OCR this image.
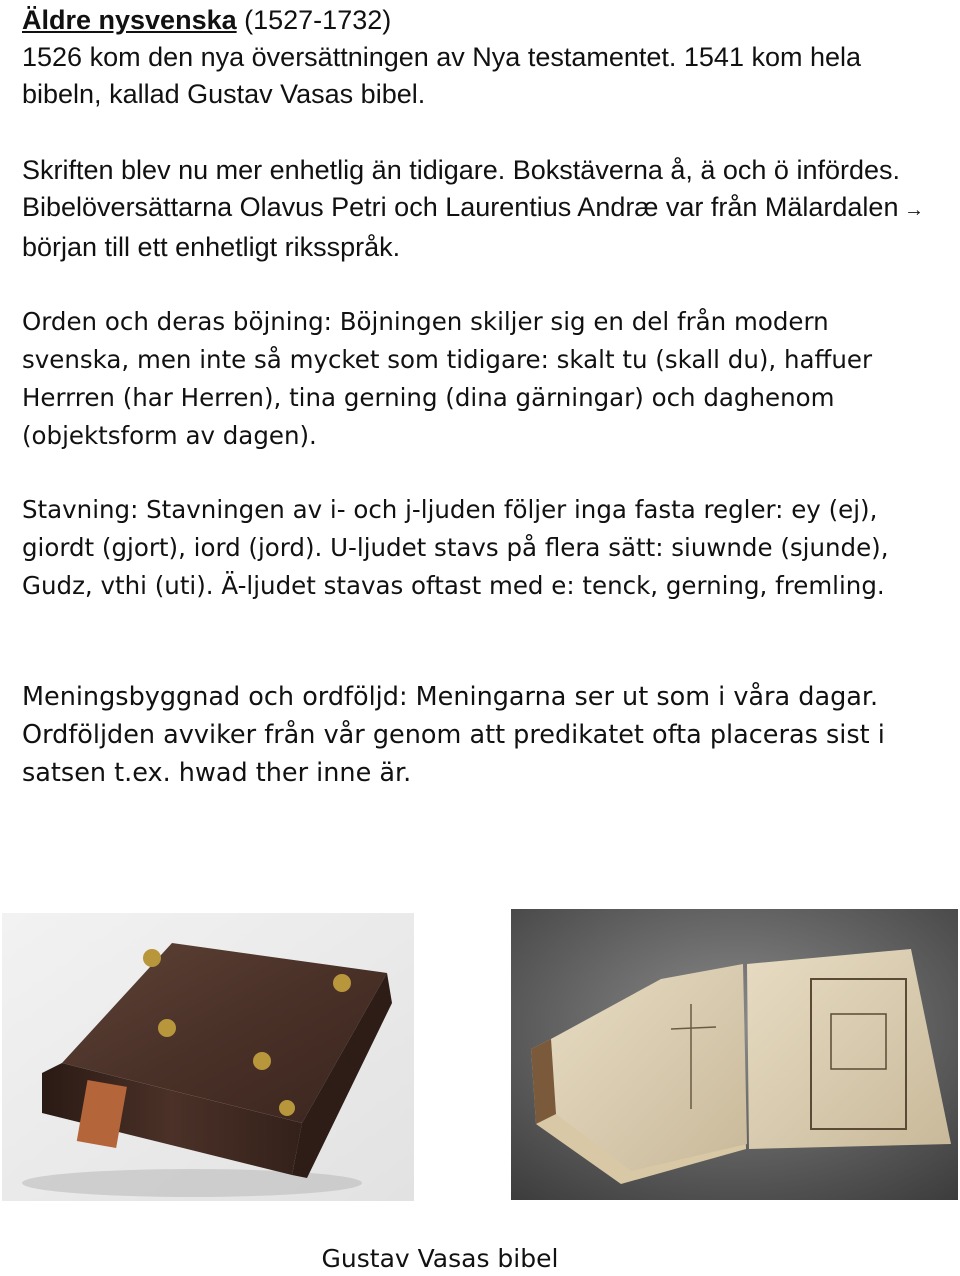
Äldre nysvenska (1527-1732)
1526 kom den nya översättningen av Nya testamentet. 1541 kom hela bibeln, kallad Gustav Vasas bibel.
Skriften blev nu mer enhetlig än tidigare. Bokstäverna å, ä och ö infördes. Bibelöversättarna Olavus Petri och Laurentius Andræ var från Mälardalen → början till ett enhetligt riksspråk.
Orden och deras böjning: Böjningen skiljer sig en del från modern svenska, men inte så mycket som tidigare: skalt tu (skall du), haffuer Herrren (har Herren), tina gerning (dina gärningar) och daghenom (objektsform av dagen).
Stavning: Stavningen av i- och j-ljuden följer inga fasta regler: ey (ej), giordt (gjort), iord (jord). U-ljudet stavs på flera sätt: siuwnde (sjunde), Gudz, vthi (uti). Ä-ljudet stavas oftast med e: tenck, gerning, fremling.
Meningsbyggnad och ordföljd: Meningarna ser ut som i våra dagar. Ordföljden avviker från vår genom att predikatet ofta placeras sist i satsen t.ex. hwad ther inne är.
Gustav Vasas bibel
